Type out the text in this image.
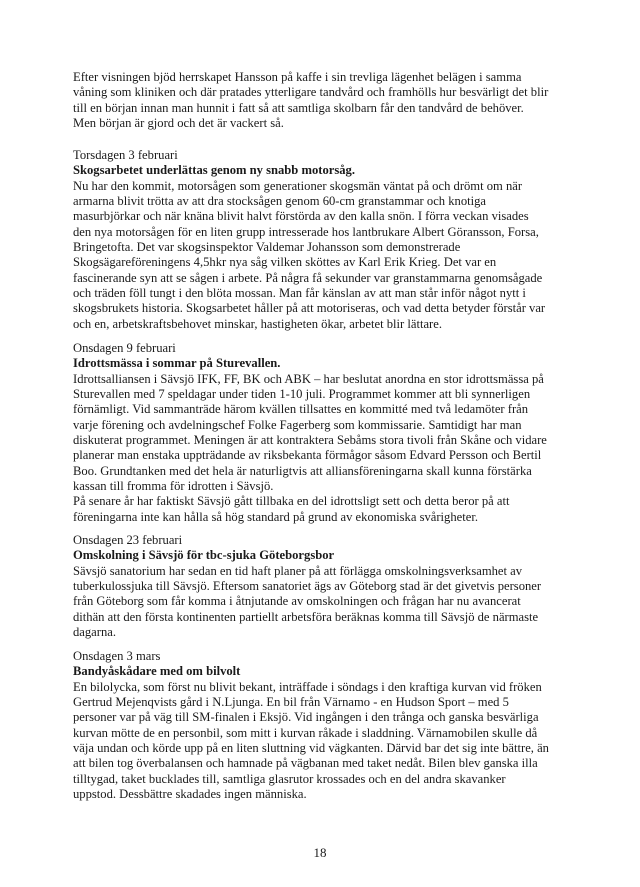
Efter visningen bjöd herrskapet Hansson på kaffe i sin trevliga lägenhet belägen i samma
våning som kliniken och där pratades ytterligare tandvård och framhölls hur besvärligt det blir
till en början innan man hunnit i fatt så att samtliga skolbarn får den tandvård de behöver.
Men början är gjord och det är vackert så.
Torsdagen 3 februari
Skogsarbetet underlättas genom ny snabb motorsåg.
Nu har den kommit, motorsågen som generationer skogsmän väntat på och drömt om när
armarna blivit trötta av att dra stocksågen genom 60-cm granstammar och knotiga
masurbjörkar och när knäna blivit halvt förstörda av den kalla snön. I förra veckan visades
den nya motorsågen för en liten grupp intresserade hos lantbrukare Albert Göransson, Forsa,
Bringetofta. Det var skogsinspektor Valdemar Johansson som demonstrerade
Skogsägareföreningens 4,5hkr nya såg vilken sköttes av Karl Erik Krieg. Det var en
fascinerande syn att se sågen i arbete. På några få sekunder var granstammarna genomsågade
och träden föll tungt i den blöta mossan. Man får känslan av att man står inför något nytt i
skogsbrukets historia. Skogsarbetet håller på att motoriseras, och vad detta betyder förstår var
och en, arbetskraftsbehovet minskar, hastigheten ökar, arbetet blir lättare.
Onsdagen 9 februari
Idrottsmässa i sommar på Sturevallen.
Idrottsalliansen i Sävsjö IFK, FF, BK och ABK – har beslutat anordna en stor idrottsmässa på
Sturevallen med 7 speldagar under tiden 1-10 juli. Programmet kommer att bli synnerligen
förnämligt. Vid sammanträde härom kvällen tillsattes en kommitté med två ledamöter från
varje förening och avdelningschef Folke Fagerberg som kommissarie. Samtidigt har man
diskuterat programmet. Meningen är att kontraktera Sebåms stora tivoli från Skåne och vidare
planerar man enstaka uppträdande av riksbekanta förmågor såsom Edvard Persson och Bertil
Boo. Grundtanken med det hela är naturligtvis att alliansföreningarna skall kunna förstärka
kassan till fromma för idrotten i Sävsjö.
På senare år har faktiskt Sävsjö gått tillbaka en del idrottsligt sett och detta beror på att
föreningarna inte kan hålla så hög standard på grund av ekonomiska svårigheter.
Onsdagen 23 februari
Omskolning i Sävsjö för tbc-sjuka Göteborgsbor
Sävsjö sanatorium har sedan en tid haft planer på att förlägga omskolningsverksamhet av
tuberkulossjuka till Sävsjö. Eftersom sanatoriet ägs av Göteborg stad är det givetvis personer
från Göteborg som får komma i åtnjutande av omskolningen och frågan har nu avancerat
dithän att den första kontinenten partiellt arbetsföra beräknas komma till Sävsjö de närmaste
dagarna.
Onsdagen 3 mars
Bandyåskådare med om bilvolt
En bilolycka, som först nu blivit bekant, inträffade i söndags i den kraftiga kurvan vid fröken
Gertrud Mejenqvists gård i N.Ljunga. En bil från Värnamo - en Hudson Sport – med 5
personer var på väg till SM-finalen i Eksjö. Vid ingången i den trånga och ganska besvärliga
kurvan mötte de en personbil, som mitt i kurvan råkade i sladdning. Värnamobilen skulle då
väja undan och körde upp på en liten sluttning vid vägkanten. Därvid bar det sig inte bättre, än
att bilen tog överbalansen och hamnade på vägbanan med taket nedåt. Bilen blev ganska illa
tilltygad, taket bucklades till, samtliga glasrutor krossades och en del andra skavanker
uppstod. Dessbättre skadades ingen människa.
18
